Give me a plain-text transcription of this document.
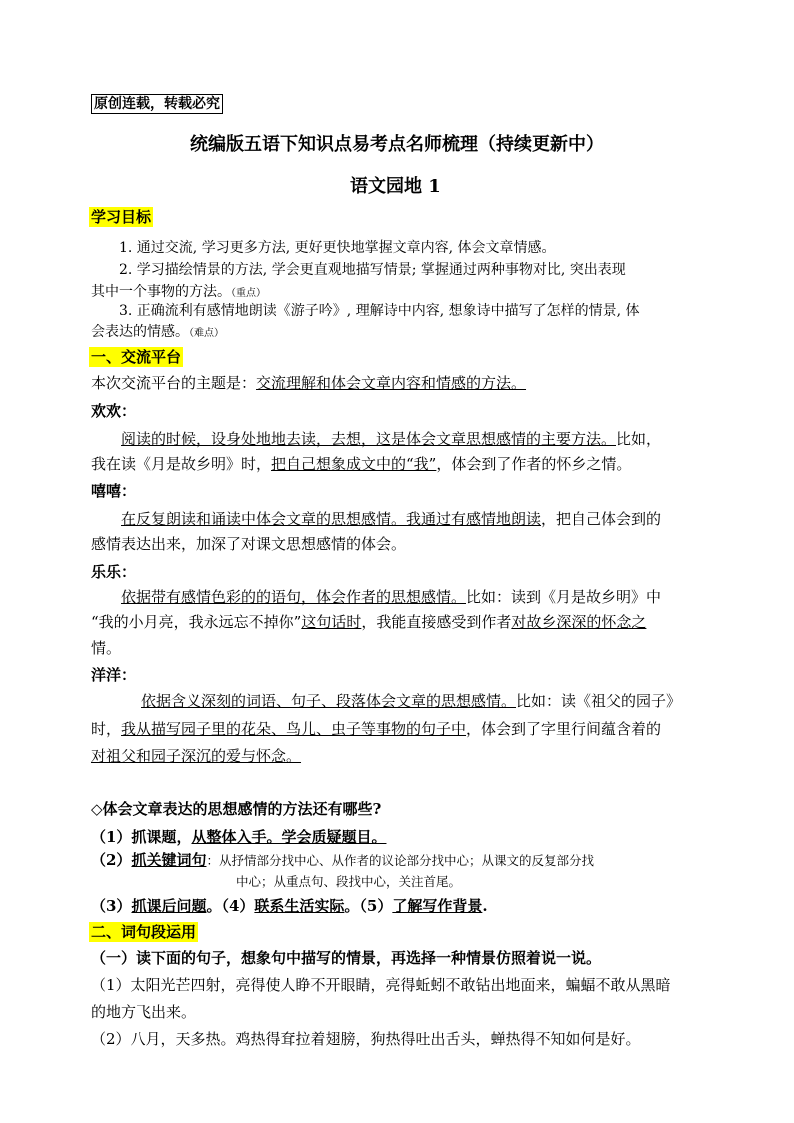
原创连载，转载必究
统编版五语下知识点易考点名师梳理（持续更新中）
语文园地 1
学习目标
1. 通过交流, 学习更多方法, 更好更快地掌握文章内容, 体会文章情感。
2. 学习描绘情景的方法, 学会更直观地描写情景; 掌握通过两种事物对比, 突出表现
其中一个事物的方法。（重点）
3. 正确流利有感情地朗读《游子吟》, 理解诗中内容, 想象诗中描写了怎样的情景, 体
会表达的情感。（难点）
一、交流平台
本次交流平台的主题是：交流理解和体会文章内容和情感的方法。
欢欢：
阅读的时候，设身处地地去读，去想，这是体会文章思想感情的主要方法。比如，
我在读《月是故乡明》时，把自己想象成文中的“我”，体会到了作者的怀乡之情。
嘻嘻：
在反复朗读和诵读中体会文章的思想感情。我通过有感情地朗读，把自己体会到的
感情表达出来，加深了对课文思想感情的体会。
乐乐：
依据带有感情色彩的的语句，体会作者的思想感情。比如：读到《月是故乡明》中
“我的小月亮，我永远忘不掉你”这句话时，我能直接感受到作者对故乡深深的怀念之
情。
洋洋：
依据含义深刻的词语、句子、段落体会文章的思想感情。比如：读《祖父的园子》
时，我从描写园子里的花朵、鸟儿、虫子等事物的句子中，体会到了字里行间蕴含着的
对祖父和园子深沉的爱与怀念。
◇体会文章表达的思想感情的方法还有哪些?
（1）抓课题，从整体入手。学会质疑题目。
（2）抓关键词句：从抒情部分找中心、从作者的议论部分找中心；从课文的反复部分找
中心；从重点句、段找中心，关注首尾。
（3）抓课后问题。（4）联系生活实际。（5）了解写作背景.
二、词句段运用
（一）读下面的句子，想象句中描写的情景，再选择一种情景仿照着说一说。
（1）太阳光芒四射，亮得使人睁不开眼睛，亮得蚯蚓不敢钻出地面来，蝙蝠不敢从黑暗
的地方飞出来。
（2）八月，天多热。鸡热得耷拉着翅膀，狗热得吐出舌头，蝉热得不知如何是好。
